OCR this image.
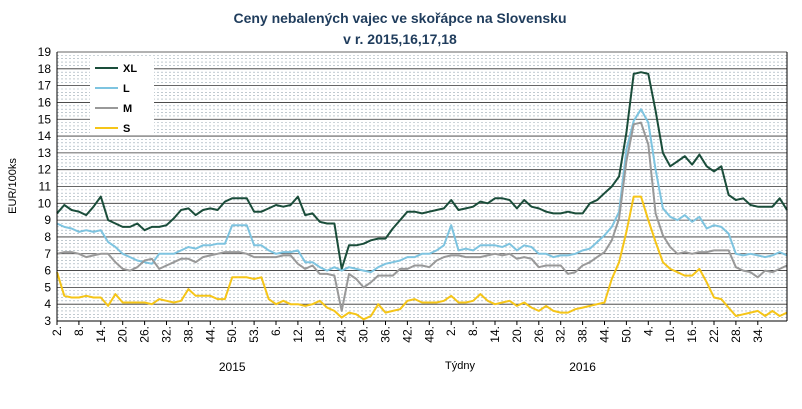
Ceny nebalených vajec ve skořápce na Slovensku
v r. 2015,16,17,18
3
4
5
6
7
8
9
10
11
12
13
14
15
16
17
18
19
2. 8. 14. 20. 26. 32. 38. 44. 50. 53. 6. 12. 18. 24. 30. 36. 42. 48. 2. 8. 14. 20. 26. 32. 38. 44. 50. 4. 10. 16. 22. 28. 34.
2015	2016
EUR/100ks
Týdny
XL
L
M
S
